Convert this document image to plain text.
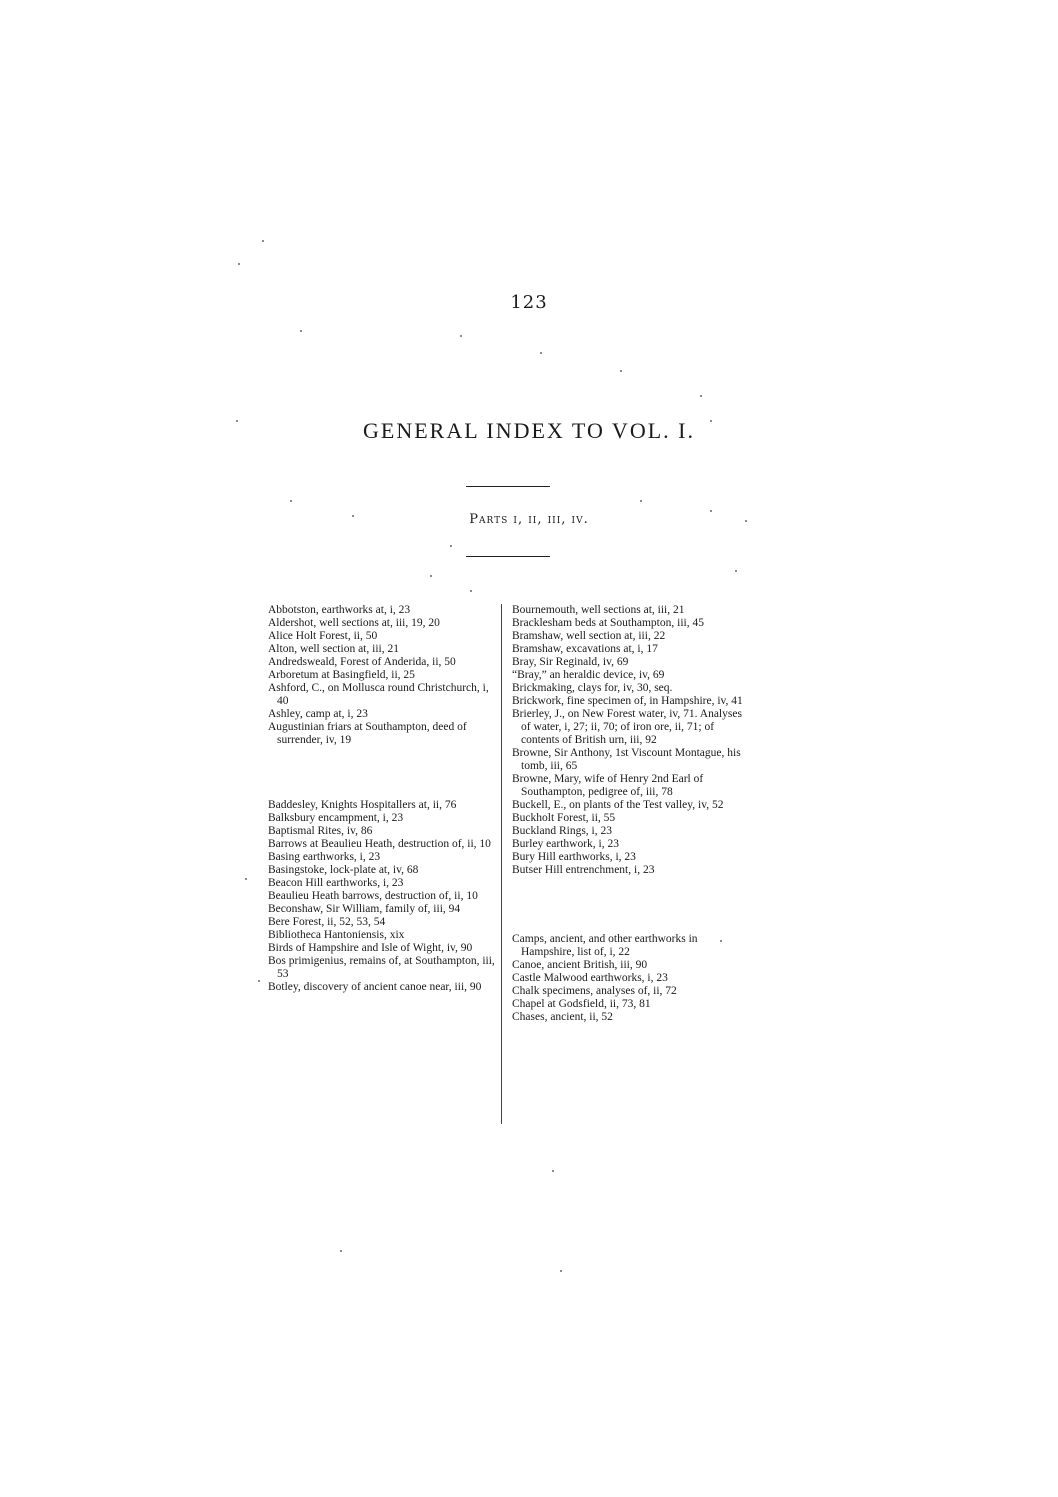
123
GENERAL INDEX TO VOL. I.
Parts i, ii, iii, iv.
Abbotston, earthworks at, i, 23
Aldershot, well sections at, iii, 19, 20
Alice Holt Forest, ii, 50
Alton, well section at, iii, 21
Andredsweald, Forest of Anderida, ii, 50
Arboretum at Basingfield, ii, 25
Ashford, C., on Mollusca round Christchurch, i, 40
Ashley, camp at, i, 23
Augustinian friars at Southampton, deed of surrender, iv, 19
Baddesley, Knights Hospitallers at, ii, 76
Balksbury encampment, i, 23
Baptismal Rites, iv, 86
Barrows at Beaulieu Heath, destruction of, ii, 10
Basing earthworks, i, 23
Basingstoke, lock-plate at, iv, 68
Beacon Hill earthworks, i, 23
Beaulieu Heath barrows, destruction of, ii, 10
Beconshaw, Sir William, family of, iii, 94
Bere Forest, ii, 52, 53, 54
Bibliotheca Hantoniensis, xix
Birds of Hampshire and Isle of Wight, iv, 90
Bos primigenius, remains of, at Southampton, iii, 53
Botley, discovery of ancient canoe near, iii, 90
Bournemouth, well sections at, iii, 21
Bracklesham beds at Southampton, iii, 45
Bramshaw, well section at, iii, 22
Bramshaw, excavations at, i, 17
Bray, Sir Reginald, iv, 69
“Bray,” an heraldic device, iv, 69
Brickmaking, clays for, iv, 30, seq.
Brickwork, fine specimen of, in Hampshire, iv, 41
Brierley, J., on New Forest water, iv, 71. Analyses of water, i, 27; ii, 70; of iron ore, ii, 71; of contents of British urn, iii, 92
Browne, Sir Anthony, 1st Viscount Montague, his tomb, iii, 65
Browne, Mary, wife of Henry 2nd Earl of Southampton, pedigree of, iii, 78
Buckell, E., on plants of the Test valley, iv, 52
Buckholt Forest, ii, 55
Buckland Rings, i, 23
Burley earthwork, i, 23
Bury Hill earthworks, i, 23
Butser Hill entrenchment, i, 23
Camps, ancient, and other earthworks in Hampshire, list of, i, 22
Canoe, ancient British, iii, 90
Castle Malwood earthworks, i, 23
Chalk specimens, analyses of, ii, 72
Chapel at Godsfield, ii, 73, 81
Chases, ancient, ii, 52
